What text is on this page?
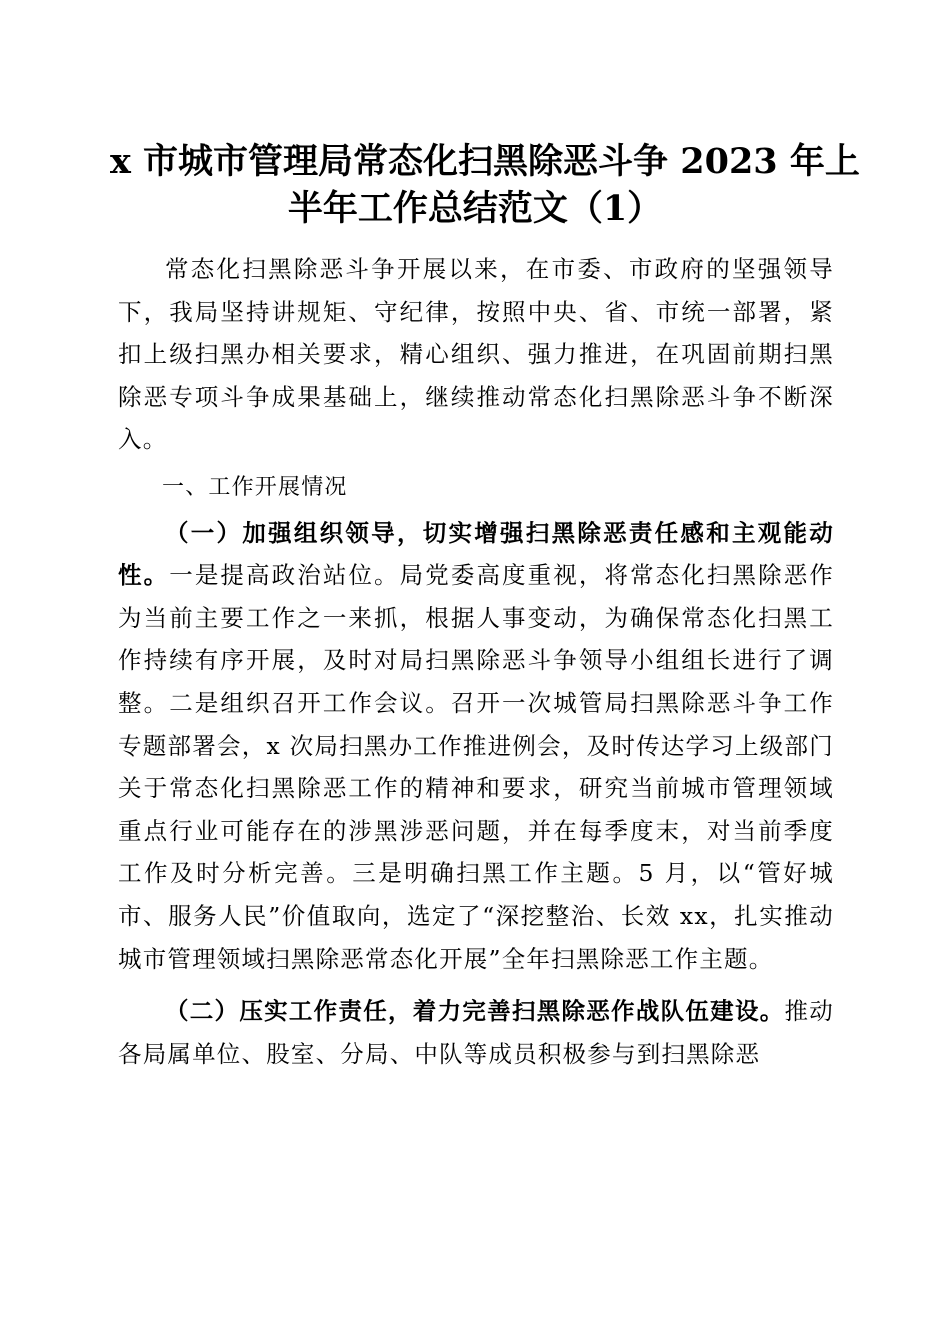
x 市城市管理局常态化扫黑除恶斗争 2023 年上
半年工作总结范文（1）

常态化扫黑除恶斗争开展以来，在市委、市政府的坚强领导下，我局坚持讲规矩、守纪律，按照中央、省、市统一部署，紧扣上级扫黑办相关要求，精心组织、强力推进，在巩固前期扫黑除恶专项斗争成果基础上，继续推动常态化扫黑除恶斗争不断深入。

一、工作开展情况

（一）加强组织领导，切实增强扫黑除恶责任感和主观能动性。一是提高政治站位。局党委高度重视，将常态化扫黑除恶作为当前主要工作之一来抓，根据人事变动，为确保常态化扫黑工作持续有序开展，及时对局扫黑除恶斗争领导小组组长进行了调整。二是组织召开工作会议。召开一次城管局扫黑除恶斗争工作专题部署会，x 次局扫黑办工作推进例会，及时传达学习上级部门关于常态化扫黑除恶工作的精神和要求，研究当前城市管理领域重点行业可能存在的涉黑涉恶问题，并在每季度末，对当前季度工作及时分析完善。三是明确扫黑工作主题。5 月，以“管好城市、服务人民”价值取向，选定了“深挖整治、长效 xx，扎实推动城市管理领域扫黑除恶常态化开展”全年扫黑除恶工作主题。

（二）压实工作责任，着力完善扫黑除恶作战队伍建设。推动各局属单位、股室、分局、中队等成员积极参与到扫黑除恶
